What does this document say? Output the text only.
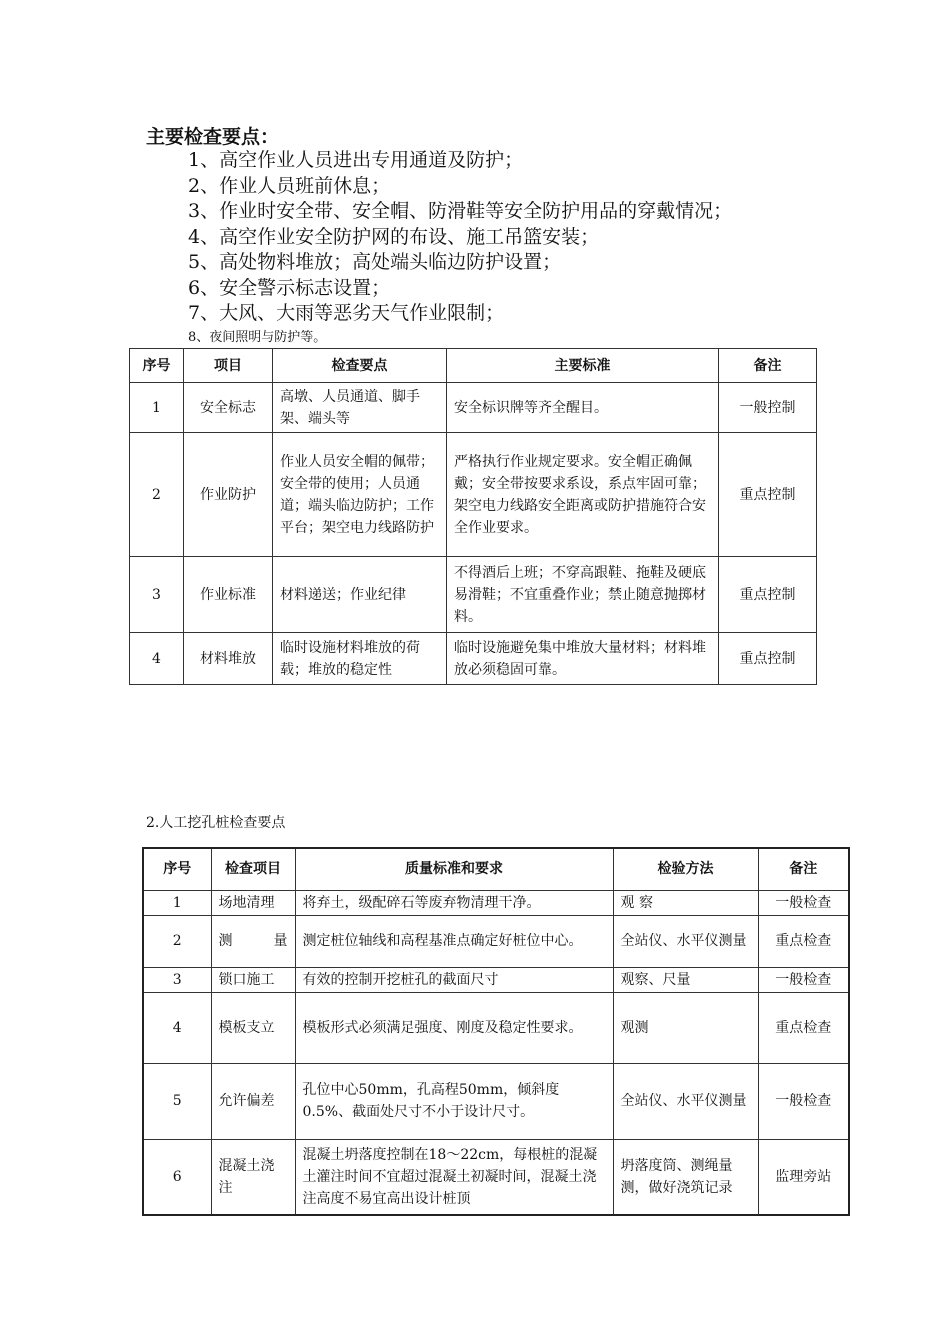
主要检查要点：
1、高空作业人员进出专用通道及防护；
2、作业人员班前休息；
3、作业时安全带、安全帽、防滑鞋等安全防护用品的穿戴情况；
4、高空作业安全防护网的布设、施工吊篮安装；
5、高处物料堆放；高处端头临边防护设置；
6、安全警示标志设置；
7、大风、大雨等恶劣天气作业限制；
8、夜间照明与防护等。
序号	项目	检查要点	主要标准	备注
1	安全标志	高墩、人员通道、脚手架、端头等	安全标识牌等齐全醒目。	一般控制
2	作业防护	作业人员安全帽的佩带；安全带的使用；人员通道；端头临边防护；工作平台；架空电力线路防护	严格执行作业规定要求。安全帽正确佩戴；安全带按要求系设，系点牢固可靠；架空电力线路安全距离或防护措施符合安全作业要求。	重点控制
3	作业标准	材料递送；作业纪律	不得酒后上班；不穿高跟鞋、拖鞋及硬底易滑鞋；不宜重叠作业；禁止随意抛掷材料。	重点控制
4	材料堆放	临时设施材料堆放的荷载；堆放的稳定性	临时设施避免集中堆放大量材料；材料堆放必须稳固可靠。	重点控制
2.人工挖孔桩检查要点
序号	检查项目	质量标准和要求	检验方法	备注
1	场地清理	将弃土，级配碎石等废弃物清理干净。	观 察	一般检查
2	测　　量	测定桩位轴线和高程基准点确定好桩位中心。	全站仪、水平仪测量	重点检查
3	锁口施工	有效的控制开挖桩孔的截面尺寸	观察、尺量	一般检查
4	模板支立	模板形式必须满足强度、刚度及稳定性要求。	观测	重点检查
5	允许偏差	孔位中心50mm，孔高程50mm，倾斜度0.5%、截面处尺寸不小于设计尺寸。	全站仪、水平仪测量	一般检查
6	混凝土浇注	混凝土坍落度控制在18～22cm，每根桩的混凝土灌注时间不宜超过混凝土初凝时间，混凝土浇注高度不易宜高出设计桩顶	坍落度筒、测绳量测，做好浇筑记录	监理旁站
